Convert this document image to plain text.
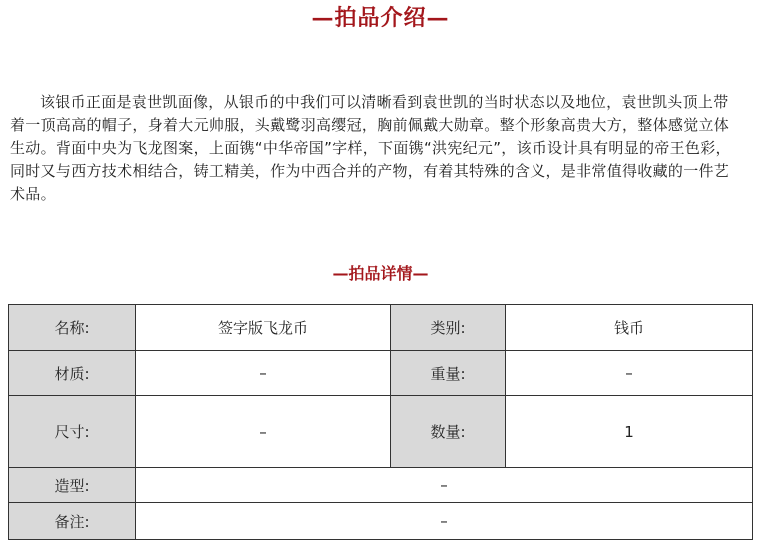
—拍品介绍—

该银币正面是袁世凯面像，从银币的中我们可以清晰看到袁世凯的当时状态以及地位，袁世凯头顶上带着一顶高高的帽子，身着大元帅服，头戴鹭羽高缨冠，胸前佩戴大勋章。整个形象高贵大方，整体感觉立体生动。背面中央为飞龙图案，上面镌“中华帝国”字样，下面镌“洪宪纪元”，该币设计具有明显的帝王色彩，同时又与西方技术相结合，铸工精美，作为中西合并的产物，有着其特殊的含义，是非常值得收藏的一件艺术品。

—拍品详情—
名称:	签字版飞龙币	类别:	钱币
材质:	–	重量:	–
尺寸:	–	数量:	1
造型:	–		
备注:	–		
